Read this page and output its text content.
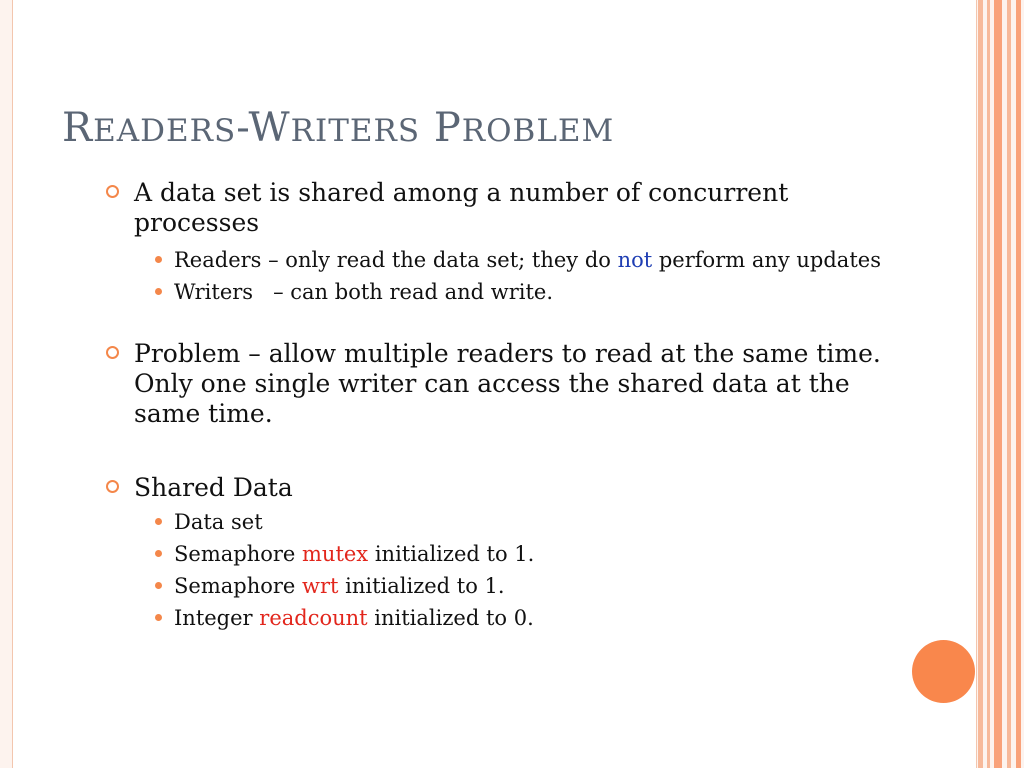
READERS-WRITERS PROBLEM
A data set is shared among a number of concurrent processes
Readers – only read the data set; they do not perform any updates
Writers   – can both read and write.
Problem – allow multiple readers to read at the same time.  Only one single writer can access the shared data at the same time.
Shared Data
Data set
Semaphore mutex initialized to 1.
Semaphore wrt initialized to 1.
Integer readcount initialized to 0.
